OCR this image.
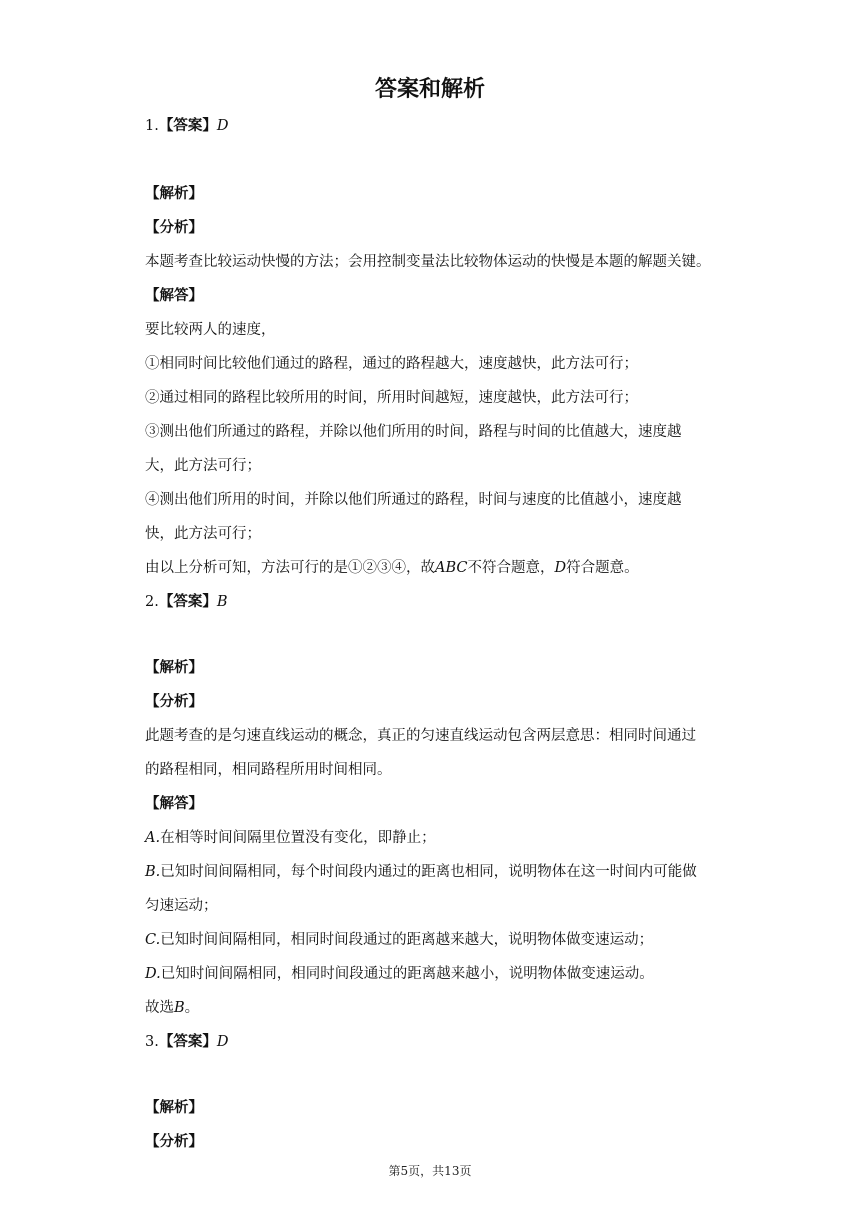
答案和解析
1.【答案】D
【解析】
【分析】
本题考查比较运动快慢的方法；会用控制变量法比较物体运动的快慢是本题的解题关键。
【解答】
要比较两人的速度，
①相同时间比较他们通过的路程，通过的路程越大，速度越快，此方法可行；
②通过相同的路程比较所用的时间，所用时间越短，速度越快，此方法可行；
③测出他们所通过的路程，并除以他们所用的时间，路程与时间的比值越大，速度越
大，此方法可行；
④测出他们所用的时间，并除以他们所通过的路程，时间与速度的比值越小，速度越
快，此方法可行；
由以上分析可知，方法可行的是①②③④，故ABC不符合题意，D符合题意。
2.【答案】B
【解析】
【分析】
此题考查的是匀速直线运动的概念，真正的匀速直线运动包含两层意思：相同时间通过
的路程相同，相同路程所用时间相同。
【解答】
A.在相等时间间隔里位置没有变化，即静止；
B.已知时间间隔相同，每个时间段内通过的距离也相同，说明物体在这一时间内可能做
匀速运动；
C.已知时间间隔相同，相同时间段通过的距离越来越大，说明物体做变速运动；
D.已知时间间隔相同，相同时间段通过的距离越来越小，说明物体做变速运动。
故选B。
3.【答案】D
【解析】
【分析】
第5页，共13页
